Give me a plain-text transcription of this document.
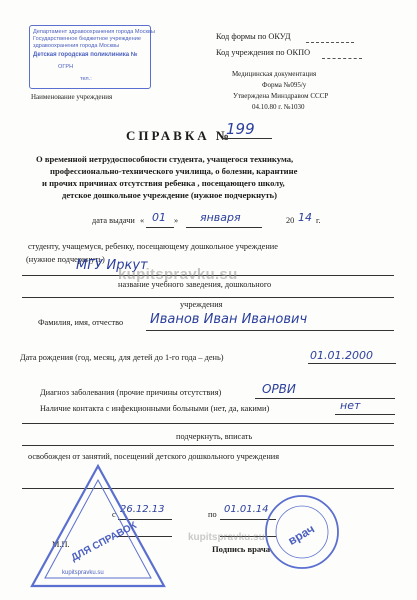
Департамент здравоохранения города Москвы
Государственное бюджетное учреждение
здравоохранения города Москвы
Детская городская поликлиника №
ОГРН
тел.:
Наименование учреждения
Код формы по ОКУД
Код учреждения по ОКПО
Медицинская документация
Форма №095/у
Утверждена Минздравом СССР
04.10.80 г. №1030
СПРАВКА №
199
О временной нетрудоспособности студента, учащегося техникума,
профессионально-технического училища, о болезни, карантине
и прочих причинах отсутствия ребенка , посещающего школу,
детское дошкольное учреждение (нужное подчеркнуть)
дата выдачи « 01 » января	20 14 г.
студенту, учащемуся, ребенку, посещающему дошкольное учреждение
(нужное подчеркнуть)
МГУ Иркут
название учебного заведения, дошкольного
учреждения
kupitspravku.su
Фамилия, имя, отчество Иванов Иван Иванович
Дата рождения (год, месяц, для детей до 1-го года – день)	01.01.2000
Диагноз заболевания (прочие причины отсутствия)	ОРВИ
Наличие контакта с инфекционными больными (нет, да, какими)	нет
подчеркнуть, вписать
освобожден от занятий, посещений детского дошкольного учреждения
с 26.12.13	по 01.01.14
М.П.	Подпись врача
ДЛЯ СПРАВОК
kupitspravku.su
врач
kupitspravku.su
